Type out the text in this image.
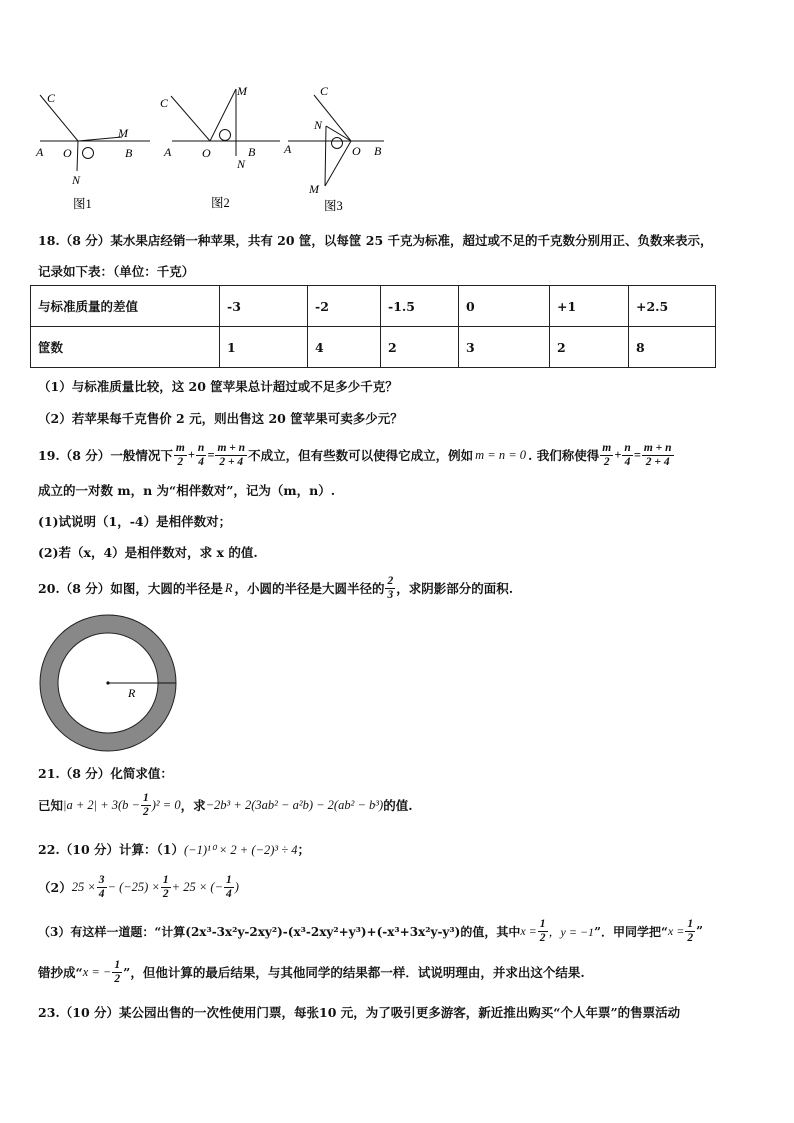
A
C
O
M
B
N
A
C
O
M
B
N
A
C
N
O B
M
图1	图2	图3
18.（8 分）某水果店经销一种苹果，共有 20 筐，以每筐 25 千克为标准，超过或不足的千克数分别用正、负数来表示，
记录如下表：（单位：千克）
与标准质量的差值	-3	-2	-1.5	0	+1	+2.5
筐数	1	4	2	3	2	8
（1）与标准质量比较，这 20 筐苹果总计超过或不足多少千克？
（2）若苹果每千克售价 2 元，则出售这 20 筐苹果可卖多少元？
19. （8 分） 一般情况下 $\frac{m}{2} + \frac{n}{4} = \frac{m + n}{2 + 4}$ 不成立，但有些数可以使得它成立，例如 m = n = 0 . 我们称使得 $\frac{m}{2} + \frac{n}{4} = \frac{m + n}{2 + 4}$
成立的一对数 m，n 为“相伴数对”，记为（m，n）.
(1)试说明（1，-4）是相伴数对；
(2)若（x，4）是相伴数对，求 x 的值.
20. （8 分） 如图，大圆的半径是 R ，小圆的半径是大圆半径的 $\frac{2}{3}$ ，求阴影部分的面积.
R
21.（8 分）化简求值：
已知 $|a + 2| + 3(b - \frac{1}{2} )^2 = 0$ ，求 −2b³ + 2(3ab² − a²b) − 2(ab² − b³) 的值.
22.（10 分）计算：（1）(−1)¹⁰ × 2 + (−2)³ ÷ 4；
（2） $25 \times \frac{3}{4} - (-25) \times \frac{1}{2} + 25$ × (− $\frac{1}{4}$ )
（3） 有这样一道题：“计算(2x³-3x²y-2xy²)-(x³-2xy²+y³)+(-x³+3x²y-y³)的值，其中 $x = \frac{1}{2}$ ，y = −1 ”．甲同学把“ $x = \frac{1}{2}$ ”
错抄成“ x = − $\frac{1}{2}$ ”，但他计算的最后结果，与其他同学的结果都一样．试说明理由，并求出这个结果.
23.（10 分）某公园出售的一次性使用门票，每张10 元，为了吸引更多游客，新近推出购买“个人年票”的售票活动
